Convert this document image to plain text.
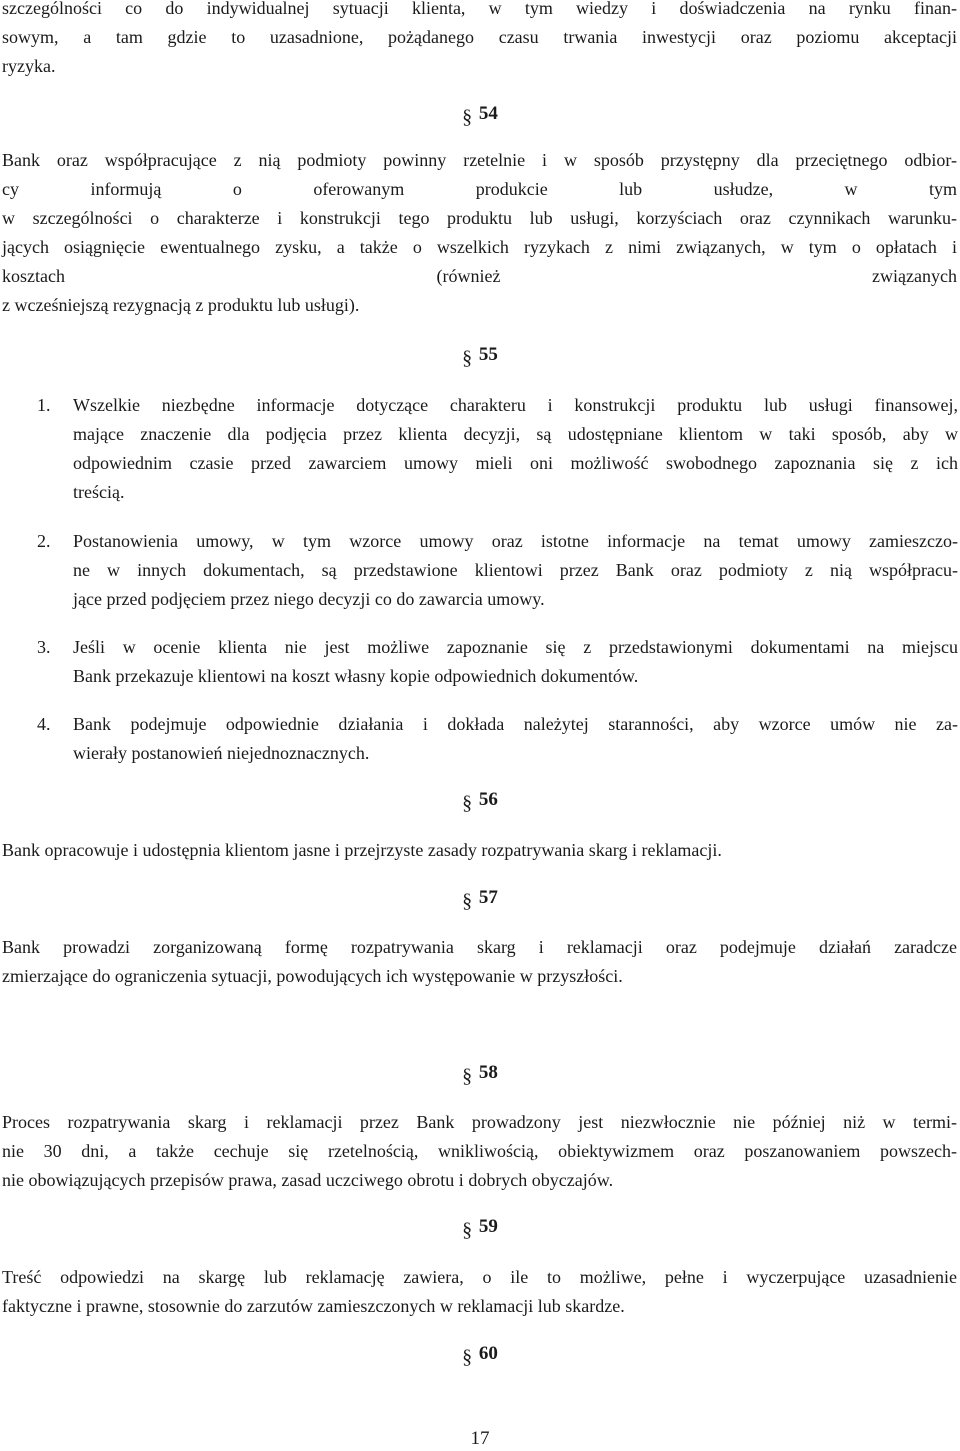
szczególności co do indywidualnej sytuacji klienta, w tym wiedzy i doświadczenia na rynku finan-
sowym, a tam gdzie to uzasadnione, pożądanego czasu trwania inwestycji oraz poziomu akceptacji
ryzyka.
§ 54
Bank oraz współpracujące z nią podmioty powinny rzetelnie i w sposób przystępny dla przeciętnego odbior-
cy informują o oferowanym produkcie lub usłudze, w tym
w szczególności o charakterze i konstrukcji tego produktu lub usługi, korzyściach oraz czynnikach warunku-
jących osiągnięcie ewentualnego zysku, a także o wszelkich ryzykach z nimi związanych, w tym o opłatach i
kosztach (również związanych
z wcześniejszą rezygnacją z produktu lub usługi).
§ 55
1. Wszelkie niezbędne informacje dotyczące charakteru i konstrukcji produktu lub usługi finansowej,
mające znaczenie dla podjęcia przez klienta decyzji, są udostępniane klientom w taki sposób, aby w
odpowiednim czasie przed zawarciem umowy mieli oni możliwość swobodnego zapoznania się z ich
treścią.
2. Postanowienia umowy, w tym wzorce umowy oraz istotne informacje na temat umowy zamieszczo-
ne w innych dokumentach, są przedstawione klientowi przez Bank oraz podmioty z nią współpracu-
jące przed podjęciem przez niego decyzji co do zawarcia umowy.
3. Jeśli w ocenie klienta nie jest możliwe zapoznanie się z przedstawionymi dokumentami na miejscu
Bank przekazuje klientowi na koszt własny kopie odpowiednich dokumentów.
4. Bank podejmuje odpowiednie działania i dokłada należytej staranności, aby wzorce umów nie za-
wierały postanowień niejednoznacznych.
§ 56
Bank opracowuje i udostępnia klientom jasne i przejrzyste zasady rozpatrywania skarg i reklamacji.
§ 57
Bank prowadzi zorganizowaną formę rozpatrywania skarg i reklamacji oraz podejmuje działań zaradcze
zmierzające do ograniczenia sytuacji, powodujących ich występowanie w przyszłości.
§ 58
Proces rozpatrywania skarg i reklamacji przez Bank prowadzony jest niezwłocznie nie później niż w termi-
nie 30 dni, a także cechuje się rzetelnością, wnikliwością, obiektywizmem oraz poszanowaniem powszech-
nie obowiązujących przepisów prawa, zasad uczciwego obrotu i dobrych obyczajów.
§ 59
Treść odpowiedzi na skargę lub reklamację zawiera, o ile to możliwe, pełne i wyczerpujące uzasadnienie
faktyczne i prawne, stosownie do zarzutów zamieszczonych w reklamacji lub skardze.
§ 60
17
